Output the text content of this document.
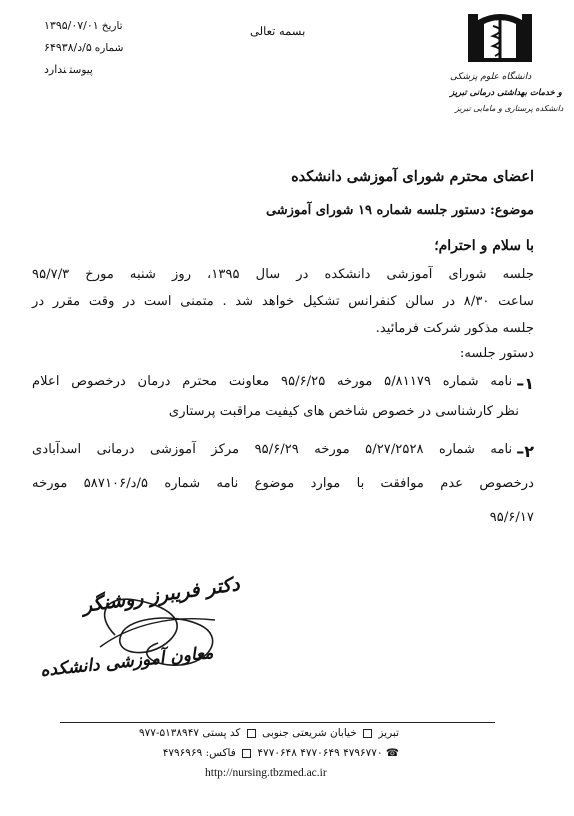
تاریخ۱۳۹۵/۰۷/۰۱
شماره۵/د/۶۴۹۳۸
پیوستندارد
بسمه تعالی
دانشگاه علوم پزشکی
و خدمات بهداشتی درمانی تبریز
دانشکده پرستاری و مامایی تبریز
اعضای محترم شورای آموزشی دانشکده
موضوع: دستور جلسه شماره ۱۹ شورای آموزشی
با سلام و احترام؛
جلسه شورای آموزشی دانشکده در سال ۱۳۹۵، روز شنبه مورخ ۹۵/۷/۳
ساعت ۸/۳۰ در سالن کنفرانس تشکیل خواهد شد . متمنی است در وقت مقرر در
جلسه مذکور شرکت فرمائید.
دستور جلسه:
۱–
نامه شماره ۵/۸۱۱۷۹ مورخه ۹۵/۶/۲۵ معاونت محترم درمان درخصوص اعلام
نظر کارشناسی در خصوص شاخص های کیفیت مراقبت پرستاری
۲–
نامه شماره ۵/۲۷/۲۵۲۸ مورخه ۹۵/۶/۲۹ مرکز آموزشی درمانی اسدآبادی
درخصوص عدم موافقت با موارد موضوع نامه شماره ۵/د/۵۸۷۱۰۶ مورخه
۹۵/۶/۱۷
دکتر فریبرز روشنگر
معاون آموزشی دانشکده
تبریز  خیابان شریعتی جنوبی  کد پستی ۵۱۳۸۹۴۷-۹۷۷
☎ ۴۷۹۶۷۷۰ ۴۷۷۰۶۴۹ ۴۷۷۰۶۴۸  فاکس: ۴۷۹۶۹۶۹
http://nursing.tbzmed.ac.ir
